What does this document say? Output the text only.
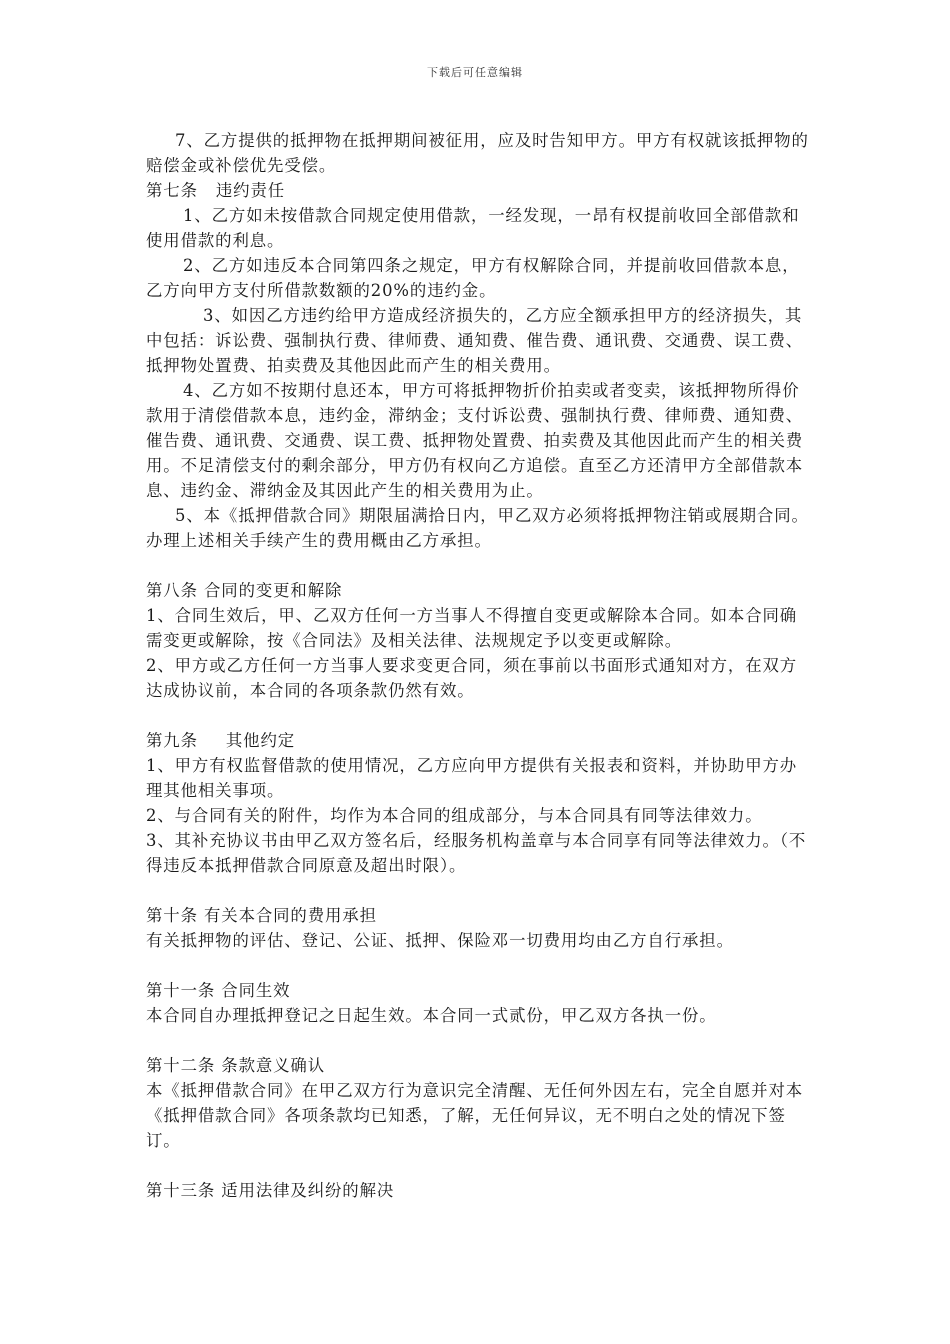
下载后可任意编辑

7、乙方提供的抵押物在抵押期间被征用，应及时告知甲方。甲方有权就该抵押物的赔偿金或补偿优先受偿。

第七条 违约责任

1、乙方如未按借款合同规定使用借款，一经发现，一昂有权提前收回全部借款和使用借款的利息。

2、乙方如违反本合同第四条之规定，甲方有权解除合同，并提前收回借款本息，乙方向甲方支付所借款数额的20%的违约金。

3、如因乙方违约给甲方造成经济损失的，乙方应全额承担甲方的经济损失，其中包括：诉讼费、强制执行费、律师费、通知费、催告费、通讯费、交通费、误工费、抵押物处置费、拍卖费及其他因此而产生的相关费用。

4、乙方如不按期付息还本，甲方可将抵押物折价拍卖或者变卖，该抵押物所得价款用于清偿借款本息，违约金，滞纳金；支付诉讼费、强制执行费、律师费、通知费、催告费、通讯费、交通费、误工费、抵押物处置费、拍卖费及其他因此而产生的相关费用。不足清偿支付的剩余部分，甲方仍有权向乙方追偿。直至乙方还清甲方全部借款本息、违约金、滞纳金及其因此产生的相关费用为止。

5、本《抵押借款合同》期限届满拾日内，甲乙双方必须将抵押物注销或展期合同。办理上述相关手续产生的费用概由乙方承担。

第八条 合同的变更和解除

1、合同生效后，甲、乙双方任何一方当事人不得擅自变更或解除本合同。如本合同确需变更或解除，按《合同法》及相关法律、法规规定予以变更或解除。

2、甲方或乙方任何一方当事人要求变更合同，须在事前以书面形式通知对方，在双方达成协议前，本合同的各项条款仍然有效。

第九条 其他约定

1、甲方有权监督借款的使用情况，乙方应向甲方提供有关报表和资料，并协助甲方办理其他相关事项。

2、与合同有关的附件，均作为本合同的组成部分，与本合同具有同等法律效力。

3、其补充协议书由甲乙双方签名后，经服务机构盖章与本合同享有同等法律效力。（不得违反本抵押借款合同原意及超出时限）。

第十条 有关本合同的费用承担

有关抵押物的评估、登记、公证、抵押、保险邓一切费用均由乙方自行承担。

第十一条 合同生效

本合同自办理抵押登记之日起生效。本合同一式贰份，甲乙双方各执一份。

第十二条 条款意义确认

本《抵押借款合同》在甲乙双方行为意识完全清醒、无任何外因左右，完全自愿并对本《抵押借款合同》各项条款均已知悉，了解，无任何异议，无不明白之处的情况下签订。

第十三条 适用法律及纠纷的解决
